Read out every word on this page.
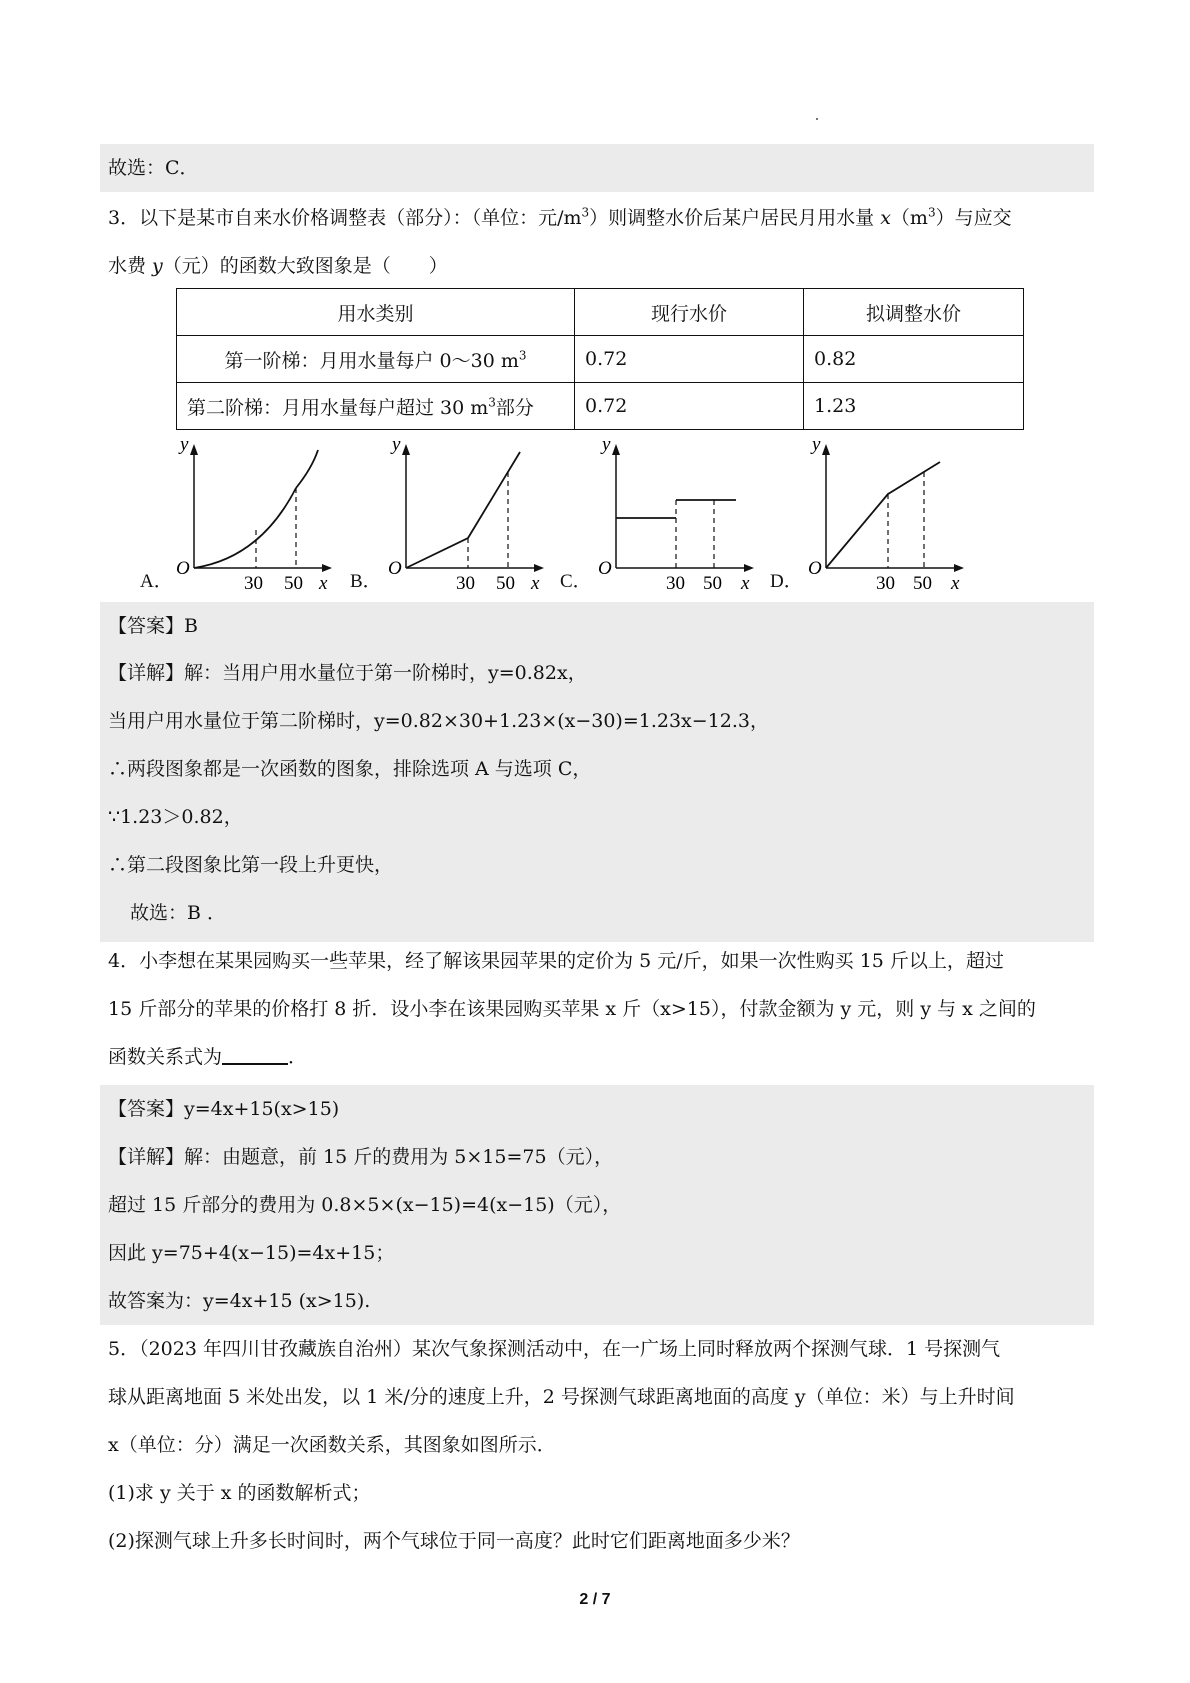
故选：C．
3．以下是某市自来水价格调整表（部分）：（单位：元$/m^3$）则调整水价后某户居民月用水量 $x(m^3)$与应交
水费 y（元）的函数大致图象是（　　）
用水类别	现行水价	拟调整水价
第一阶梯：月用水量每户 0～30 $m^3$	0.72	0.82
第二阶梯：月用水量每户超过 30 $m^3$部分	0.72	1.23
y
O
30 50 x
A．
y
O
30 50 x
B．
y
O
30 50 x
C．
y
O
30 50 x
D．
【答案】B
【详解】解：当用户用水量位于第一阶梯时，y=0.82x，
当用户用水量位于第二阶梯时，y=0.82×30+1.23×(x−30)=1.23x−12.3，
∴两段图象都是一次函数的图象，排除选项 A 与选项 C，
∵1.23＞0.82，
∴第二段图象比第一段上升更快，
故选：B ．
4．小李想在某果园购买一些苹果，经了解该果园苹果的定价为 5 元/斤，如果一次性购买 15 斤以上，超过
15 斤部分的苹果的价格打 8 折．设小李在该果园购买苹果 x 斤（x>15），付款金额为 y 元，则 y 与 x 之间的
函数关系式为	．
【答案】y=4x+15(x>15)
【详解】解：由题意，前 15 斤的费用为 5×15=75（元），
超过 15 斤部分的费用为 0.8×5×(x−15)=4(x−15)（元），
因此 y=75+4(x−15)=4x+15；
故答案为：y=4x+15 (x>15).
5．（2023 年四川甘孜藏族自治州）某次气象探测活动中，在一广场上同时释放两个探测气球．1 号探测气
球从距离地面 5 米处出发，以 1 米/分的速度上升，2 号探测气球距离地面的高度 y（单位：米）与上升时间
x（单位：分）满足一次函数关系，其图象如图所示．
(1)求 y 关于 x 的函数解析式；
(2)探测气球上升多长时间时，两个气球位于同一高度？此时它们距离地面多少米？
2 / 7
